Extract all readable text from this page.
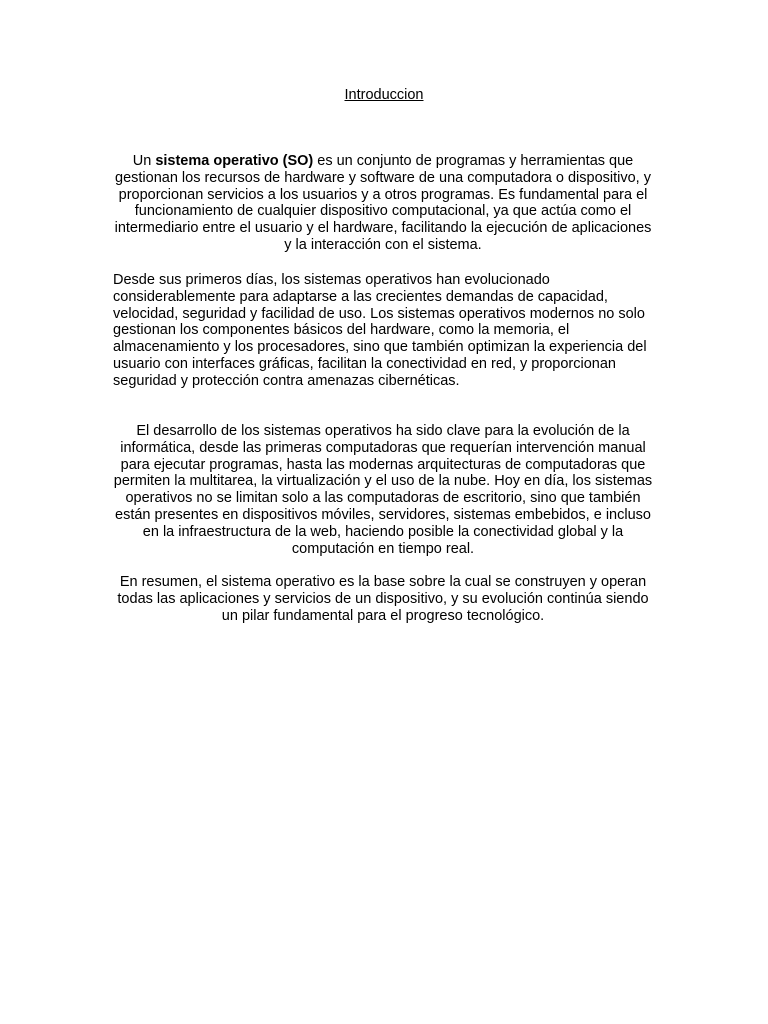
Introduccion

Un sistema operativo (SO) es un conjunto de programas y herramientas que gestionan los recursos de hardware y software de una computadora o dispositivo, y proporcionan servicios a los usuarios y a otros programas. Es fundamental para el funcionamiento de cualquier dispositivo computacional, ya que actúa como el intermediario entre el usuario y el hardware, facilitando la ejecución de aplicaciones y la interacción con el sistema.

Desde sus primeros días, los sistemas operativos han evolucionado considerablemente para adaptarse a las crecientes demandas de capacidad, velocidad, seguridad y facilidad de uso. Los sistemas operativos modernos no solo gestionan los componentes básicos del hardware, como la memoria, el almacenamiento y los procesadores, sino que también optimizan la experiencia del usuario con interfaces gráficas, facilitan la conectividad en red, y proporcionan seguridad y protección contra amenazas cibernéticas.

El desarrollo de los sistemas operativos ha sido clave para la evolución de la informática, desde las primeras computadoras que requerían intervención manual para ejecutar programas, hasta las modernas arquitecturas de computadoras que permiten la multitarea, la virtualización y el uso de la nube. Hoy en día, los sistemas operativos no se limitan solo a las computadoras de escritorio, sino que también están presentes en dispositivos móviles, servidores, sistemas embebidos, e incluso en la infraestructura de la web, haciendo posible la conectividad global y la computación en tiempo real.

En resumen, el sistema operativo es la base sobre la cual se construyen y operan todas las aplicaciones y servicios de un dispositivo, y su evolución continúa siendo un pilar fundamental para el progreso tecnológico.
